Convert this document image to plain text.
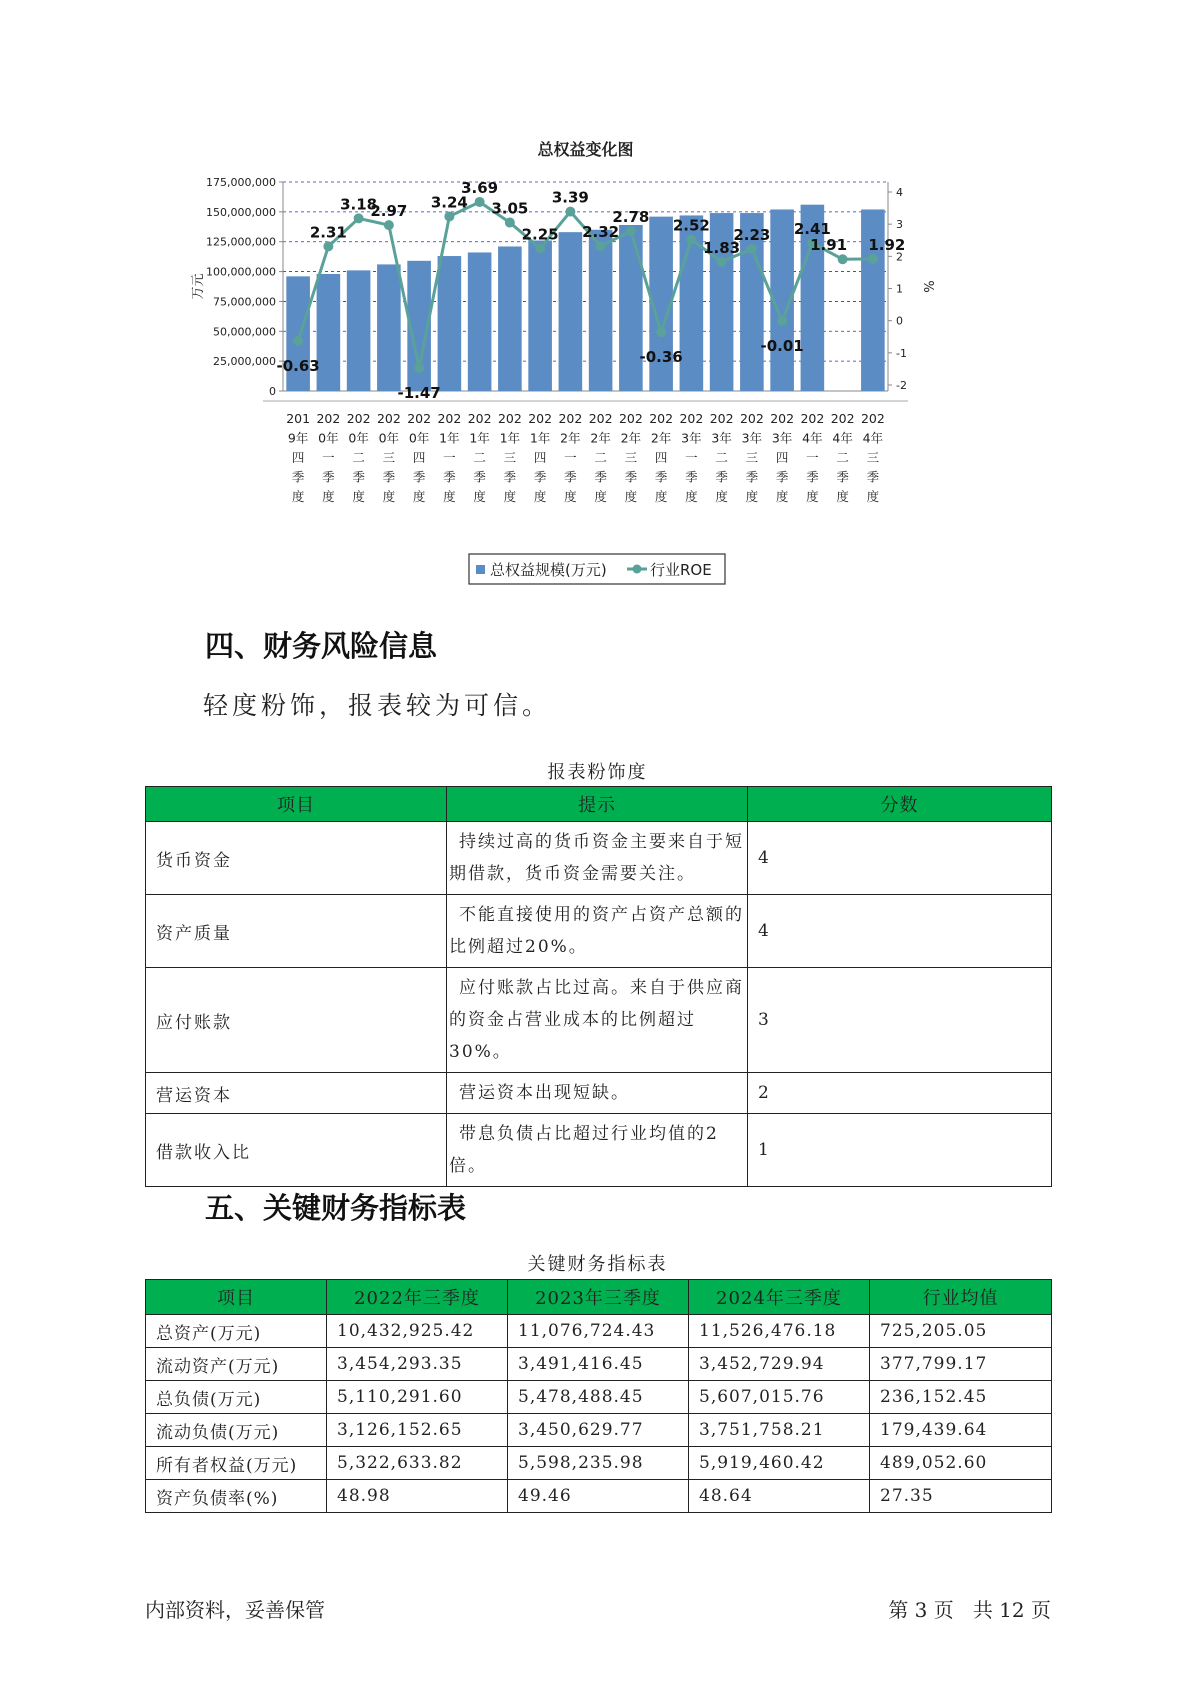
总权益变化图
0
25,000,000
50,000,000
75,000,000
100,000,000
125,000,000
150,000,000
175,000,000
-2
-1
0
1
2
3
4
万元	%
201
9年
四
季
度
202
0年
一
季
度
202
0年
二
季
度
202
0年
三
季
度
202
0年
四
季
度
202
1年
一
季
度
202
1年
二
季
度
202
1年
三
季
度
202
1年
四
季
度
202
2年
一
季
度
202
2年
二
季
度
202
2年
三
季
度
202
2年
四
季
度
202
3年
一
季
度
202
3年
二
季
度
202
3年
三
季
度
202
3年
四
季
度
202
4年
一
季
度
202
4年
二
季
度
202
4年
三
季
度
-0.63
2.31
3.18
2.97
-1.47
3.24
3.69
3.05
2.25
3.39
2.32
2.78
-0.36
2.52
1.83
2.23
-0.01
2.41
1.91 1.92
总权益规模(万元)	行业ROE
四、财务风险信息
轻度粉饰，报表较为可信。
报表粉饰度
项目	提示	分数
货币资金	持续过高的货币资金主要来自于短期借款，货币资金需要关注。	4
资产质量	不能直接使用的资产占资产总额的比例超过20%。	4
应付账款	应付账款占比过高。来自于供应商的资金占营业成本的比例超过30%。	3
营运资本	营运资本出现短缺。	2
借款收入比	带息负债占比超过行业均值的2倍。	1
五、关键财务指标表
关键财务指标表
项目	2022年三季度	2023年三季度	2024年三季度	行业均值
总资产(万元)	10,432,925.42	11,076,724.43	11,526,476.18	725,205.05
流动资产(万元)	3,454,293.35	3,491,416.45	3,452,729.94	377,799.17
总负债(万元)	5,110,291.60	5,478,488.45	5,607,015.76	236,152.45
流动负债(万元)	3,126,152.65	3,450,629.77	3,751,758.21	179,439.64
所有者权益(万元)	5,322,633.82	5,598,235.98	5,919,460.42	489,052.60
资产负债率(%)	48.98	49.46	48.64	27.35
内部资料，妥善保管	第 3 页   共 12 页
